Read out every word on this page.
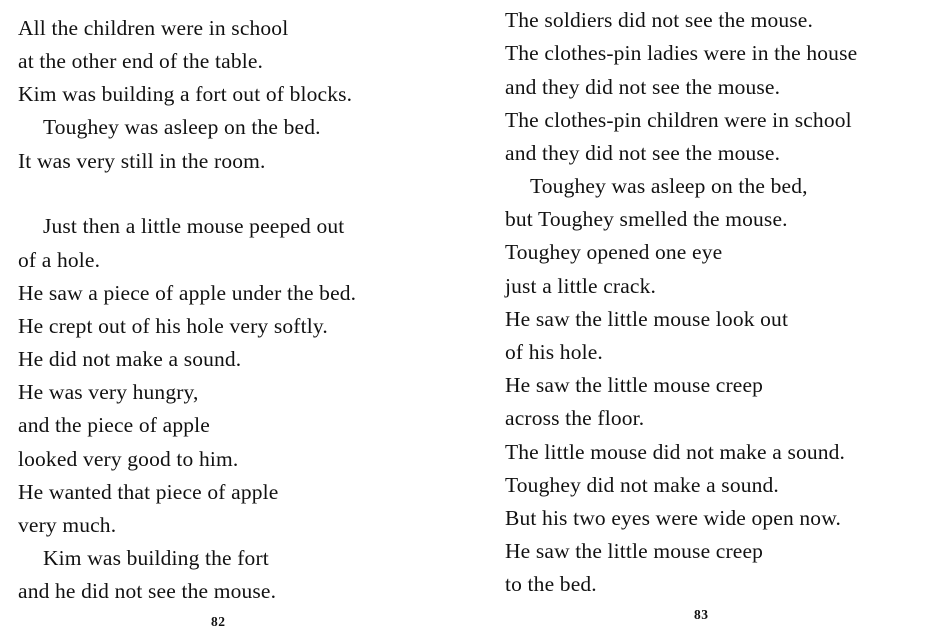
All the children were in school
at the other end of the table.
Kim was building a fort out of blocks.
Toughey was asleep on the bed.
It was very still in the room.
Just then a little mouse peeped out
of a hole.
He saw a piece of apple under the bed.
He crept out of his hole very softly.
He did not make a sound.
He was very hungry,
and the piece of apple
looked very good to him.
He wanted that piece of apple
very much.
Kim was building the fort
and he did not see the mouse.
82
The soldiers did not see the mouse.
The clothes-pin ladies were in the house
and they did not see the mouse.
The clothes-pin children were in school
and they did not see the mouse.
Toughey was asleep on the bed,
but Toughey smelled the mouse.
Toughey opened one eye
just a little crack.
He saw the little mouse look out
of his hole.
He saw the little mouse creep
across the floor.
The little mouse did not make a sound.
Toughey did not make a sound.
But his two eyes were wide open now.
He saw the little mouse creep
to the bed.
83
